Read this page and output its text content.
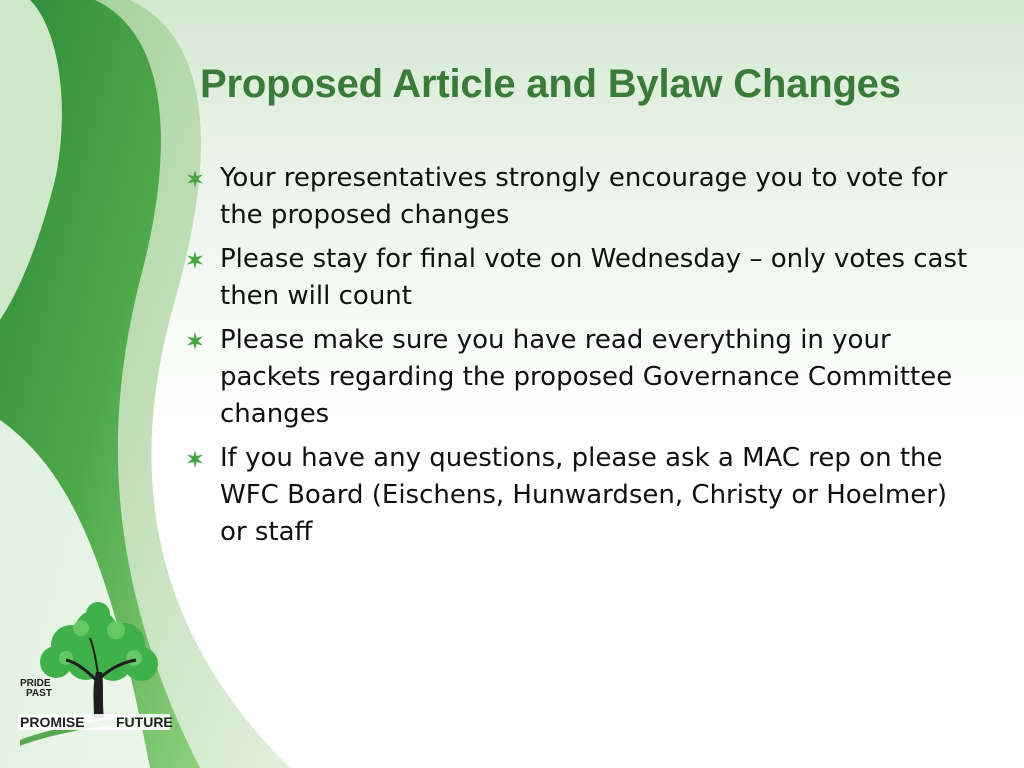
Proposed Article and Bylaw Changes
Your representatives strongly encourage you to vote for the proposed changes
Please stay for final vote on Wednesday – only votes cast then will count
Please make sure you have read everything in your packets regarding the proposed Governance Committee changes
If you have any questions, please ask a MAC rep on the WFC Board (Eischens, Hunwardsen, Christy or Hoelmer) or staff
PRIDE
PAST
PROMISE FUTURE
